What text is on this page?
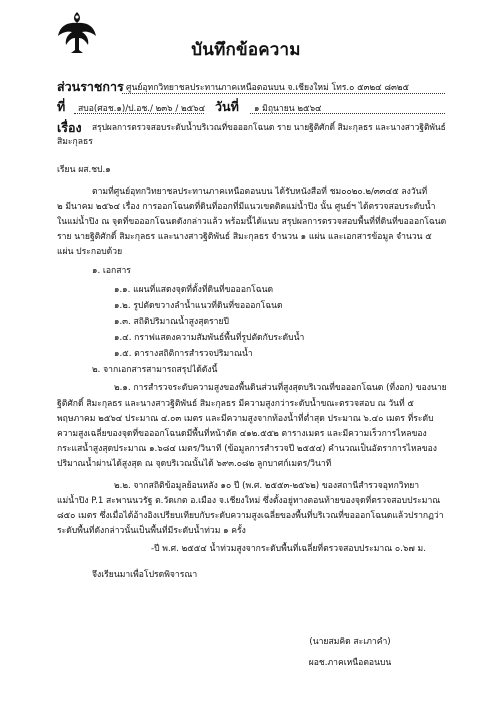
บันทึกข้อความ
ส่วนราชการ ศูนย์อุทกวิทยาชลประทานภาคเหนือตอนบน จ.เชียงใหม่ โทร.๐ ๕๓๒๔ ๘๓๒๕
ที่ สบอ(ศอช.๑)/ป.อช./ ๒๓๖ / ๒๕๖๔ วันที่ ๑ มิถุนายน ๒๕๖๔
เรื่อง สรุปผลการตรวจสอบระดับน้ำบริเวณที่ขอออกโฉนด ราย นายฐิติศักดิ์ สิมะกุลธร และนางสาวฐิติพันธ์
สิมะกุลธร
เรียน ผส.ชป.๑
ตามที่ศูนย์อุทกวิทยาชลประทานภาคเหนือตอนบน ได้รับหนังสือที่ ชม๐๐๒๐.๒/๓๓๔๕ ลงวันที่
๒ มีนาคม ๒๕๖๔ เรื่อง การออกโฉนดที่ดินที่ออกที่มีแนวเขตติดแม่น้ำปิง นั้น ศูนย์ฯ ได้ตรวจสอบระดับน้ำ
ในแม่น้ำปิง ณ จุดที่ขอออกโฉนดดังกล่าวแล้ว พร้อมนี้ได้แนบ สรุปผลการตรวจสอบพื้นที่ที่ดินที่ขอออกโฉนด
ราย นายฐิติศักดิ์ สิมะกุลธร และนางสาวฐิติพันธ์ สิมะกุลธร จำนวน ๑ แผ่น และเอกสารข้อมูล จำนวน ๕
แผ่น ประกอบด้วย
๑. เอกสาร
๑.๑. แผนที่แสดงจุดที่ตั้งที่ดินที่ขอออกโฉนด
๑.๒. รูปตัดขวางลำน้ำแนวที่ดินที่ขอออกโฉนด
๑.๓. สถิติปริมาณน้ำสูงสุดรายปี
๑.๔. กราฟแสดงความสัมพันธ์พื้นที่รูปตัดกับระดับน้ำ
๑.๕. ตารางสถิติการสำรวจปริมาณน้ำ
๒. จากเอกสารสามารถสรุปได้ดังนี้
๒.๑. การสำรวจระดับความสูงของพื้นดินส่วนที่สูงสุดบริเวณที่ขอออกโฉนด (ที่งอก) ของนาย
ฐิติศักดิ์ สิมะกุลธร และนางสาวฐิติพันธ์ สิมะกุลธร มีความสูงกว่าระดับน้ำขณะตรวจสอบ ณ วันที่ ๕
พฤษภาคม ๒๕๖๔ ประมาณ ๔.๐๓ เมตร และมีความสูงจากท้องน้ำที่ต่ำสุด ประมาณ ๖.๔๐ เมตร ที่ระดับ
ความสูงเฉลี่ยของจุดที่ขอออกโฉนดมีพื้นที่หน้าตัด ๔๑๒.๕๕๒ ตารางเมตร และมีความเร็วการไหลของ
กระแสน้ำสูงสุดประมาณ ๑.๖๘๔ เมตร/วินาที (ข้อมูลการสำรวจปี ๒๕๕๔) คำนวณเป็นอัตราการไหลของ
ปริมาณน้ำผ่านได้สูงสุด ณ จุดบริเวณนั้นได้ ๖๙๓.๐๘๒ ลูกบาศก์เมตร/วินาที
๒.๒. จากสถิติข้อมูลย้อนหลัง ๑๐ ปี (พ.ศ. ๒๕๕๓-๒๕๖๒) ของสถานีสำรวจอุทกวิทยา
แม่น้ำปิง P.1 สะพานนวรัฐ ต.วัดเกต อ.เมือง จ.เชียงใหม่ ซึ่งตั้งอยู่ทางตอนท้ายของจุดที่ตรวจสอบประมาณ
๘๕๐ เมตร ซึ่งเมื่อได้อ้างอิงเปรียบเทียบกับระดับความสูงเฉลี่ยของพื้นที่บริเวณที่ขอออกโฉนดแล้วปรากฏว่า
ระดับพื้นที่ดังกล่าวนั้นเป็นพื้นที่มีระดับน้ำท่วม ๑ ครั้ง
-ปี พ.ศ. ๒๕๕๔ น้ำท่วมสูงจากระดับพื้นที่เฉลี่ยที่ตรวจสอบประมาณ ๐.๖๗ ม.
จึงเรียนมาเพื่อโปรดพิจารณา
(นายสมคิด สะเภาคำ)
ผอช.ภาคเหนือตอนบน
